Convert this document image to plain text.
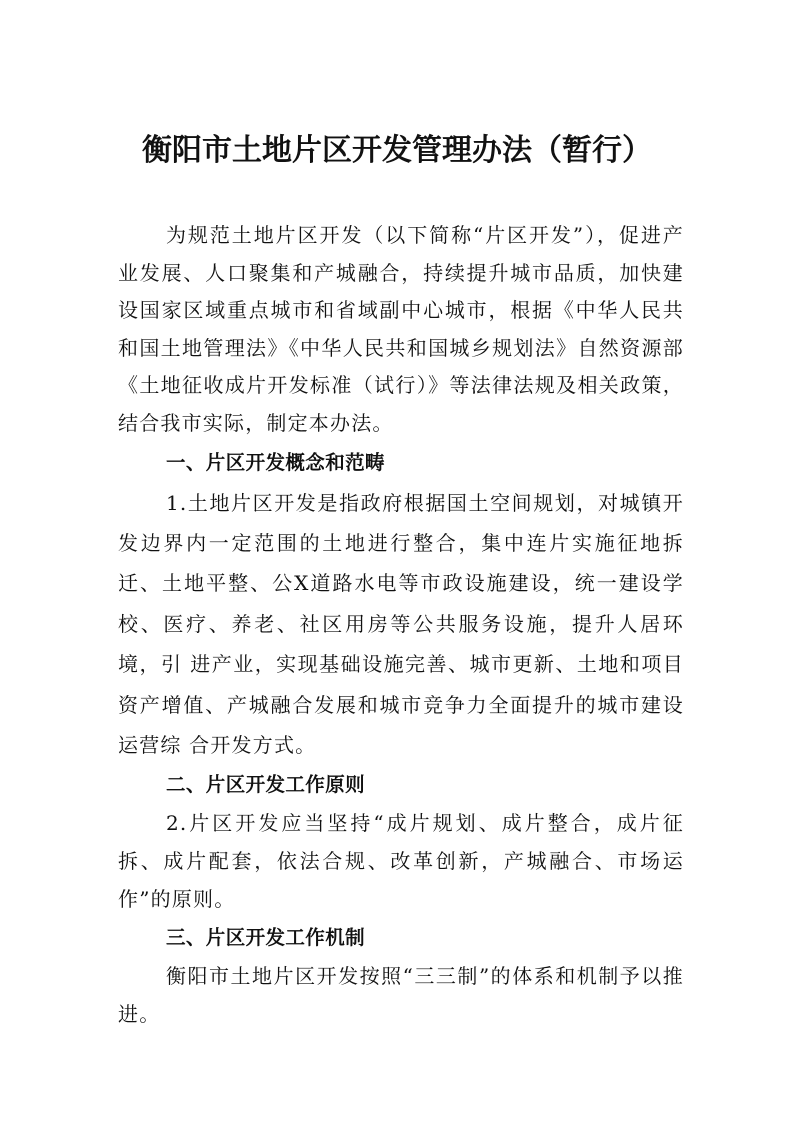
衡阳市土地片区开发管理办法（暂行）

为规范土地片区开发（以下简称“片区开发”），促进产业发展、人口聚集和产城融合，持续提升城市品质，加快建设国家区域重点城市和省域副中心城市，根据《中华人民共和国土地管理法》《中华人民共和国城乡规划法》自然资源部《土地征收成片开发标准（试行）》等法律法规及相关政策，结合我市实际，制定本办法。

一、片区开发概念和范畴

1.土地片区开发是指政府根据国土空间规划，对城镇开发边界内一定范围的土地进行整合，集中连片实施征地拆迁、土地平整、公X道路水电等市政设施建设，统一建设学校、医疗、养老、社区用房等公共服务设施，提升人居环境，引 进产业，实现基础设施完善、城市更新、土地和项目资产增值、产城融合发展和城市竞争力全面提升的城市建设运营综 合开发方式。

二、片区开发工作原则

2.片区开发应当坚持“成片规划、成片整合，成片征拆、成片配套，依法合规、改革创新，产城融合、市场运作”的原则。

三、片区开发工作机制

衡阳市土地片区开发按照“三三制”的体系和机制予以推进。
